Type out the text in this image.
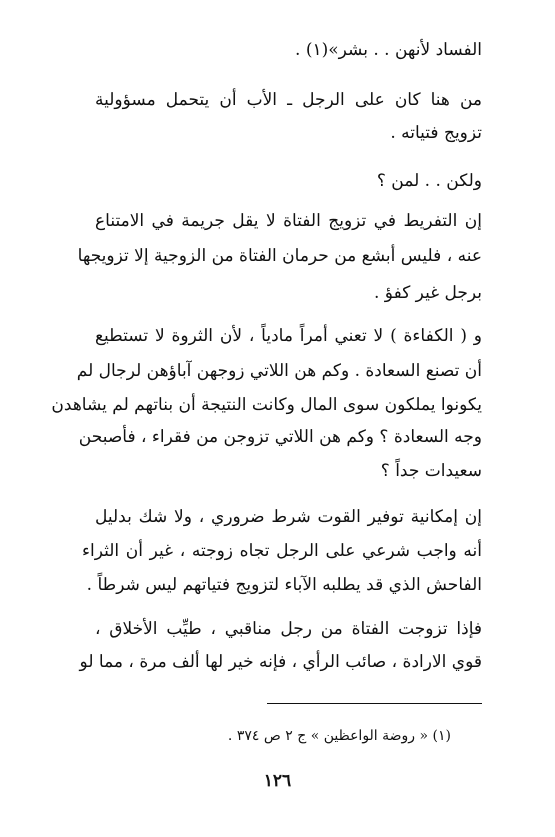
الفساد لأنهن . . بشر»(١) .
من هنا كان على الرجل ـ الأب أن يتحمل مسؤولية
تزويج فتياته .
ولكن . . لمن ؟
إن التفريط في تزويج الفتاة لا يقل جريمة في الامتناع
عنه ، فليس أبشع من حرمان الفتاة من الزوجية إلا تزويجها
برجل غير كفؤ .
و ( الكفاءة ) لا تعني أمراً مادياً ، لأن الثروة لا تستطيع
أن تصنع السعادة . وكم هن اللاتي زوجهن آباؤهن لرجال لم
يكونوا يملكون سوى المال وكانت النتيجة أن بناتهم لم يشاهدن
وجه السعادة ؟ وكم هن اللاتي تزوجن من فقراء ، فأصبحن
سعيدات جداً ؟
إن إمكانية توفير القوت شرط ضروري ، ولا شك بدليل
أنه واجب شرعي على الرجل تجاه زوجته ، غير أن الثراء
الفاحش الذي قد يطلبه الآباء لتزويج فتياتهم ليس شرطاً .
فإذا تزوجت الفتاة من رجل مناقبي ، طيِّب الأخلاق ،
قوي الارادة ، صائب الرأي ، فإنه خير لها ألف مرة ، مما لو
(١) « روضة الواعظين » ج ٢ ص ٣٧٤ .
١٢٦
